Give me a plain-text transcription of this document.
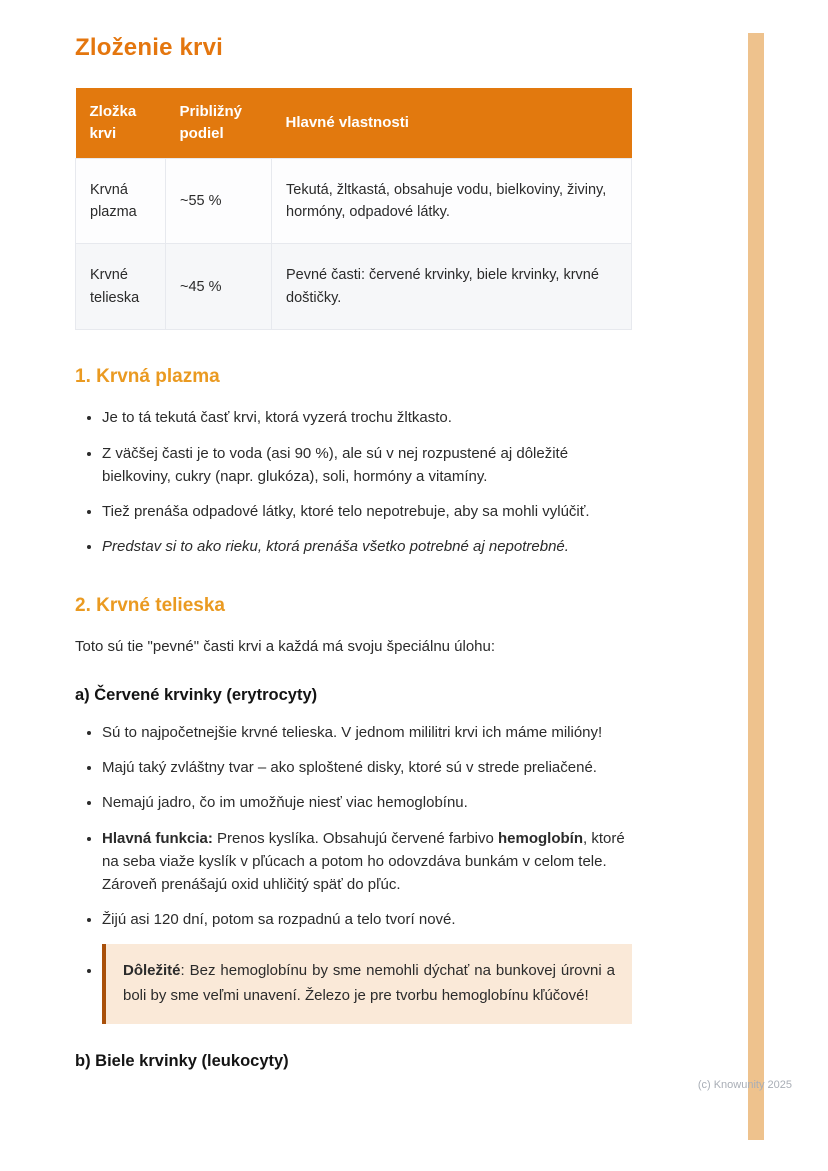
Zloženie krvi
Zložka krvi	Približný podiel	Hlavné vlastnosti
Krvná plazma	~55 %	Tekutá, žltkastá, obsahuje vodu, bielkoviny, živiny, hormóny, odpadové látky.
Krvné telieska	~45 %	Pevné časti: červené krvinky, biele krvinky, krvné doštičky.
1. Krvná plazma
• Je to tá tekutá časť krvi, ktorá vyzerá trochu žltkasto.
• Z väčšej časti je to voda (asi 90 %), ale sú v nej rozpustené aj dôležité bielkoviny, cukry (napr. glukóza), soli, hormóny a vitamíny.
• Tiež prenáša odpadové látky, ktoré telo nepotrebuje, aby sa mohli vylúčiť.
• Predstav si to ako rieku, ktorá prenáša všetko potrebné aj nepotrebné.
2. Krvné telieska

Toto sú tie "pevné" časti krvi a každá má svoju špeciálnu úlohu:

a) Červené krvinky (erytrocyty)
• Sú to najpočetnejšie krvné telieska. V jednom mililitri krvi ich máme milióny!
• Majú taký zvláštny tvar – ako sploštené disky, ktoré sú v strede preliačené.
• Nemajú jadro, čo im umožňuje niesť viac hemoglobínu.
• Hlavná funkcia: Prenos kyslíka. Obsahujú červené farbivo hemoglobín, ktoré na seba viaže kyslík v pľúcach a potom ho odovzdáva bunkám v celom tele. Zároveň prenášajú oxid uhličitý späť do pľúc.
• Žijú asi 120 dní, potom sa rozpadnú a telo tvorí nové.
• Dôležité: Bez hemoglobínu by sme nemohli dýchať na bunkovej úrovni a boli by sme veľmi unavení. Železo je pre tvorbu hemoglobínu kľúčové!
b) Biele krvinky (leukocyty)
(c) Knowunity 2025
